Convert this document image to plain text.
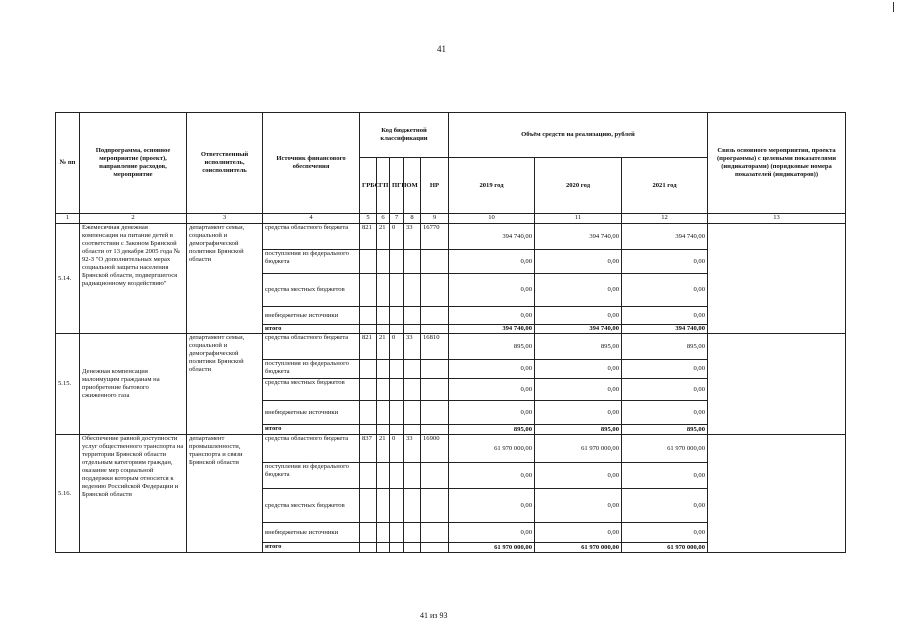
41
№ пп	Подпрограмма, основное мероприятие (проект), направление расходов, мероприятие	Ответственный исполнитель, соисполнитель	Источник финансового обеспечения	Код бюджетной классификации					Объём средств на реализацию, рублей			Связь основного мероприятия, проекта (программы) с целевыми показателями (индикаторами) (порядковые номера показателей (индикаторов))
				ГРБС	ГП	ПГП	ОМ	НР	2019 год	2020 год	2021 год	
1	2	3	4	5	6	7	8	9	10	11	12	13
5.14.	Ежемесячная денежная компенсация на питание детей в соответствии с Законом Брянской области от 13 декабря 2005 года № 92-З "О дополнительных мерах социальной защиты населения Брянской области, подвергшегося радиационному воздействию"	департамент семьи, социальной и демографической политики Брянской области	средства областного бюджета	821	21	0	33	16770	394 740,00	394 740,00	394 740,00	
			поступления из федерального бюджета						0,00	0,00	0,00	
			средства местных бюджетов						0,00	0,00	0,00	
			внебюджетные источники						0,00	0,00	0,00	
			итого						394 740,00	394 740,00	394 740,00	
5.15.	Денежная компенсация малоимущим гражданам на приобретение бытового сжиженного газа	департамент семьи, социальной и демографической политики Брянской области	средства областного бюджета	821	21	0	33	16810	895,00	895,00	895,00	
			поступления из федерального бюджета						0,00	0,00	0,00	
			средства местных бюджетов						0,00	0,00	0,00	
			внебюджетные источники						0,00	0,00	0,00	
			итого						895,00	895,00	895,00	
5.16.	Обеспечение равной доступности услуг общественного транспорта на территории Брянской области отдельным категориям граждан, оказание мер социальной поддержки которым относится к ведению Российской Федерации и Брянской области	департамент промышленности, транспорта и связи Брянской области	средства областного бюджета	837	21	0	33	16900	61 970 000,00	61 970 000,00	61 970 000,00	
			поступления из федерального бюджета						0,00	0,00	0,00	
			средства местных бюджетов						0,00	0,00	0,00	
			внебюджетные источники						0,00	0,00	0,00	
			итого						61 970 000,00	61 970 000,00	61 970 000,00	
41 из 93
